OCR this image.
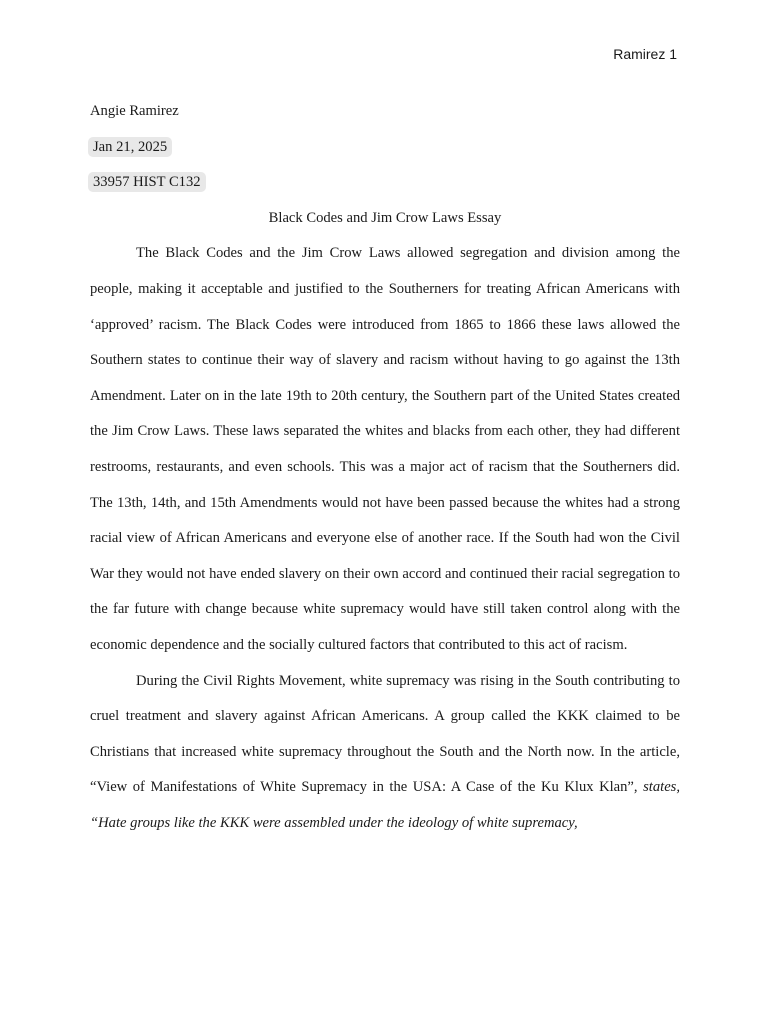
Ramirez 1

Angie Ramirez

Jan 21, 2025

33957 HIST C132

Black Codes and Jim Crow Laws Essay

The Black Codes and the Jim Crow Laws allowed segregation and division among the people, making it acceptable and justified to the Southerners for treating African Americans with ‘approved’ racism. The Black Codes were introduced from 1865 to 1866 these laws allowed the Southern states to continue their way of slavery and racism without having to go against the 13th Amendment. Later on in the late 19th to 20th century, the Southern part of the United States created the Jim Crow Laws. These laws separated the whites and blacks from each other, they had different restrooms, restaurants, and even schools. This was a major act of racism that the Southerners did. The 13th, 14th, and 15th Amendments would not have been passed because the whites had a strong racial view of African Americans and everyone else of another race. If the South had won the Civil War they would not have ended slavery on their own accord and continued their racial segregation to the far future with change because white supremacy would have still taken control along with the economic dependence and the socially cultured factors that contributed to this act of racism.

During the Civil Rights Movement, white supremacy was rising in the South contributing to cruel treatment and slavery against African Americans. A group called the KKK claimed to be Christians that increased white supremacy throughout the South and the North now. In the article, “View of Manifestations of White Supremacy in the USA: A Case of the Ku Klux Klan”, states, “Hate groups like the KKK were assembled under the ideology of white supremacy,
